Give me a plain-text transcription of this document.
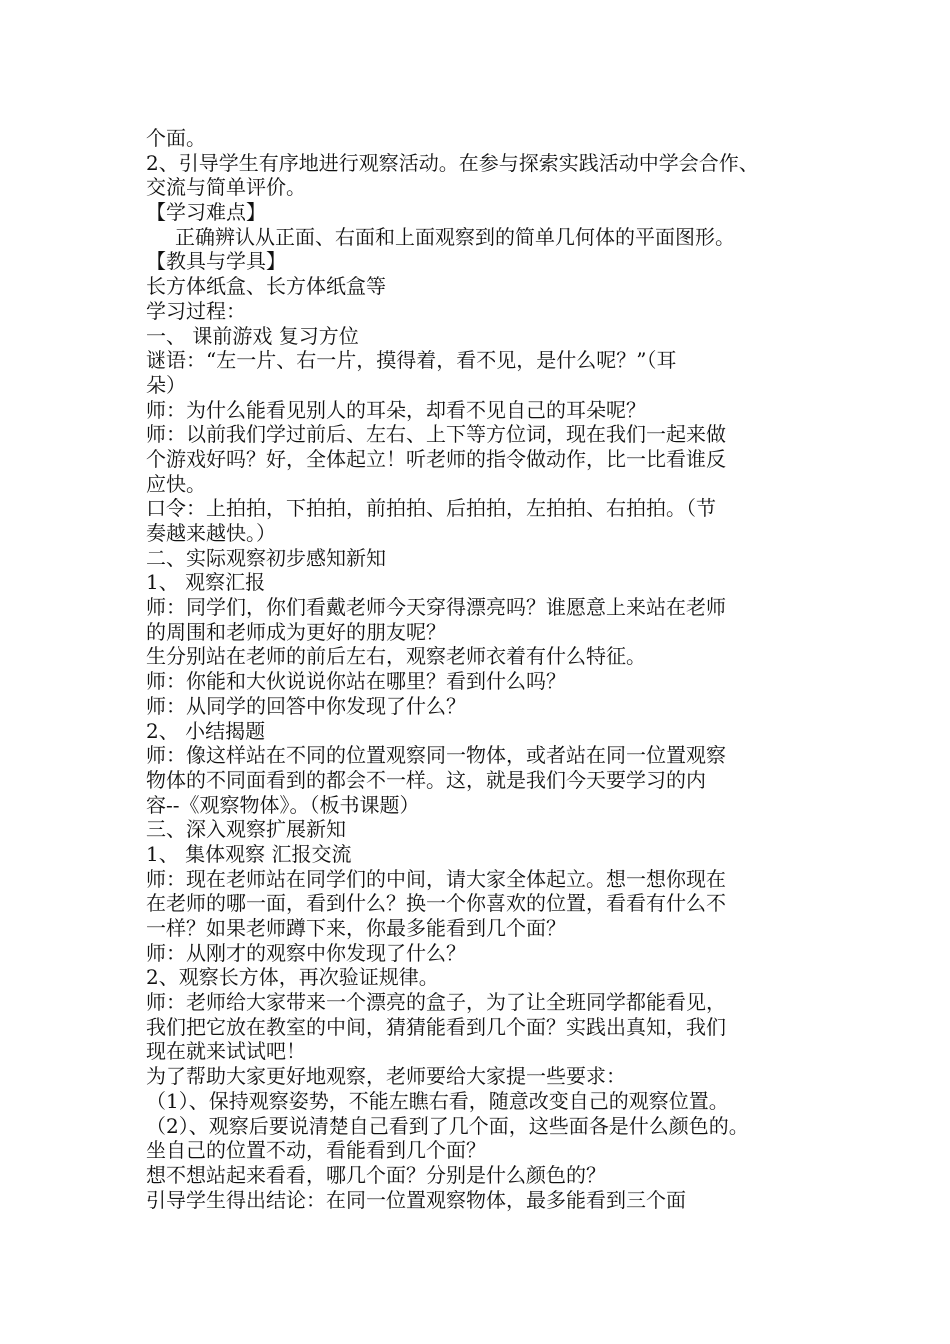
个面。
2、引导学生有序地进行观察活动。在参与探索实践活动中学会合作、
交流与简单评价。
【学习难点】
正确辨认从正面、右面和上面观察到的简单几何体的平面图形。
【教具与学具】
长方体纸盒、长方体纸盒等
学习过程：
一、 课前游戏 复习方位
谜语：“左一片、右一片，摸得着，看不见，是什么呢？”（耳
朵）
师：为什么能看见别人的耳朵，却看不见自己的耳朵呢？
师：以前我们学过前后、左右、上下等方位词，现在我们一起来做
个游戏好吗？好，全体起立！听老师的指令做动作，比一比看谁反
应快。
口令：上拍拍，下拍拍，前拍拍、后拍拍，左拍拍、右拍拍。（节
奏越来越快。）
二、实际观察初步感知新知
1、 观察汇报
师：同学们，你们看戴老师今天穿得漂亮吗？谁愿意上来站在老师
的周围和老师成为更好的朋友呢？
生分别站在老师的前后左右，观察老师衣着有什么特征。
师：你能和大伙说说你站在哪里？看到什么吗？
师：从同学的回答中你发现了什么？
2、 小结揭题
师：像这样站在不同的位置观察同一物体，或者站在同一位置观察
物体的不同面看到的都会不一样。这，就是我们今天要学习的内
容--《观察物体》。（板书课题）
三、深入观察扩展新知
1、 集体观察 汇报交流
师：现在老师站在同学们的中间，请大家全体起立。想一想你现在
在老师的哪一面，看到什么？换一个你喜欢的位置，看看有什么不
一样？如果老师蹲下来，你最多能看到几个面？
师：从刚才的观察中你发现了什么？
2、观察长方体，再次验证规律。
师：老师给大家带来一个漂亮的盒子，为了让全班同学都能看见，
我们把它放在教室的中间，猜猜能看到几个面？实践出真知，我们
现在就来试试吧！
为了帮助大家更好地观察，老师要给大家提一些要求：
（1）、保持观察姿势，不能左瞧右看，随意改变自己的观察位置。
（2）、观察后要说清楚自己看到了几个面，这些面各是什么颜色的。
坐自己的位置不动，看能看到几个面？
想不想站起来看看，哪几个面？分别是什么颜色的？
引导学生得出结论：在同一位置观察物体，最多能看到三个面
